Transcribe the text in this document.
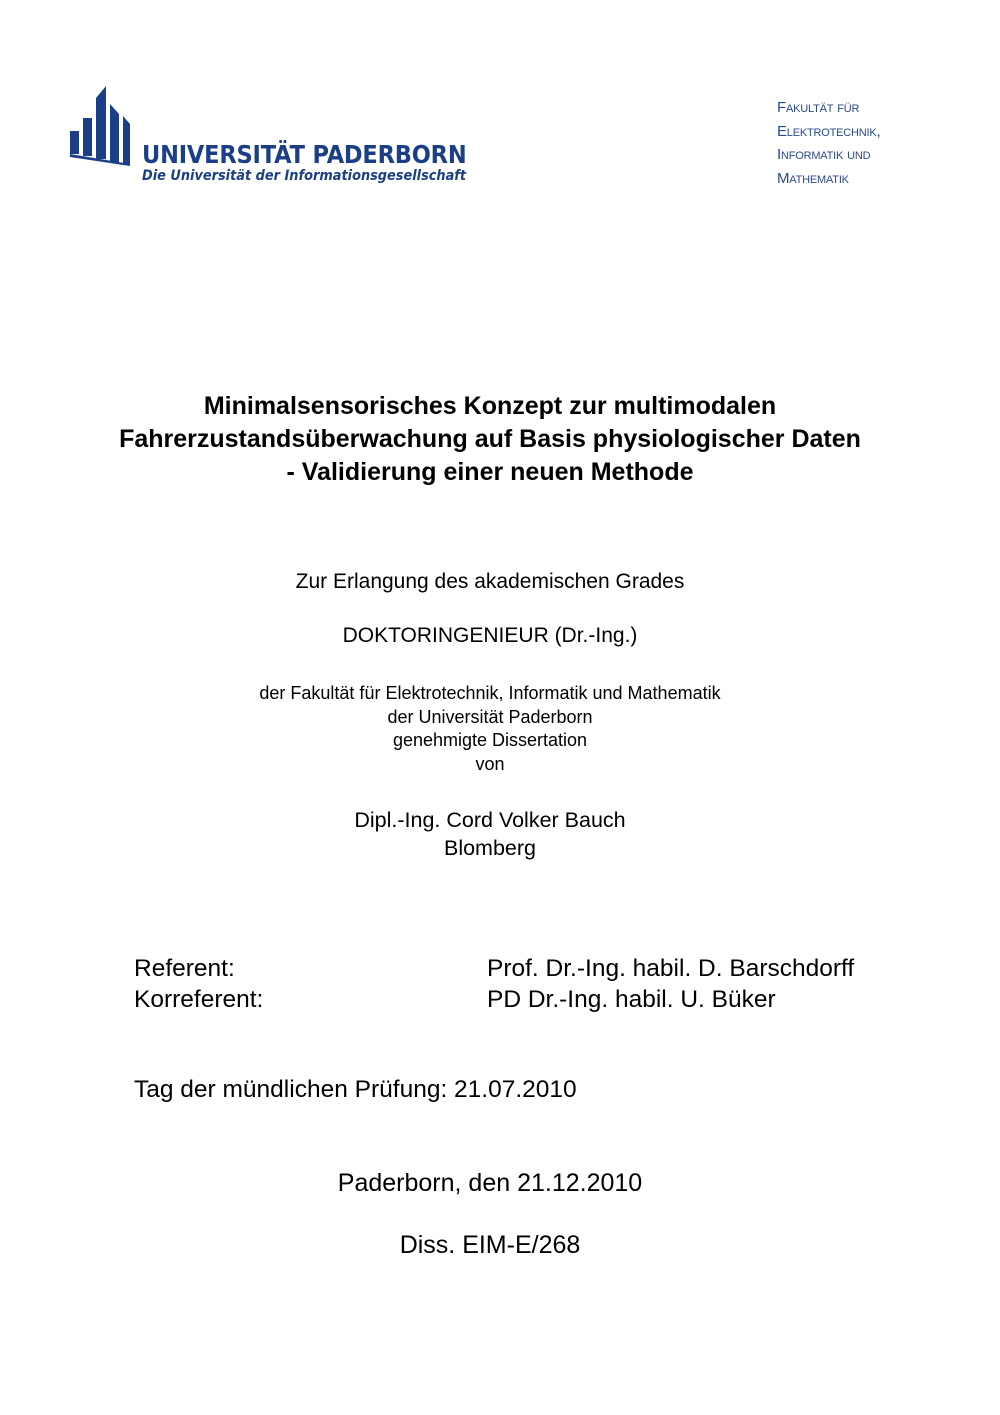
UNIVERSITÄT PADERBORN
Die Universität der Informationsgesellschaft
Fakultät für
Elektrotechnik,
Informatik und
Mathematik
Minimalsensorisches Konzept zur multimodalen
Fahrerzustandsüberwachung auf Basis physiologischer Daten
- Validierung einer neuen Methode
Zur Erlangung des akademischen Grades
DOKTORINGENIEUR (Dr.-Ing.)
der Fakultät für Elektrotechnik, Informatik und Mathematik
der Universität Paderborn
genehmigte Dissertation
von
Dipl.-Ing. Cord Volker Bauch
Blomberg
Referent:	Prof. Dr.-Ing. habil. D. Barschdorff
Korreferent:	PD Dr.-Ing. habil. U. Büker
Tag der mündlichen Prüfung: 21.07.2010
Paderborn, den 21.12.2010
Diss. EIM-E/268
